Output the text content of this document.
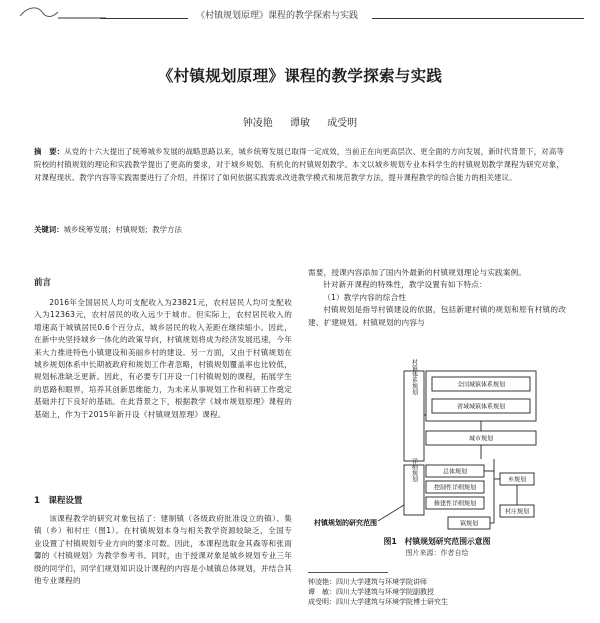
《村镇规划原理》课程的教学探索与实践
《村镇规划原理》课程的教学探索与实践
钟凌艳 谭敏 成受明
摘　要：从党的十六大提出了统筹城乡发展的战略思路以来，城乡统筹发展已取得一定成效，当前正在向更高层次、更全面的方向发展，新时代背景下，对高等院校的村镇规划的理论和实践教学提出了更高的要求，对于城乡规划、有机化的村镇规划教学。本文以城乡规划专业本科学生的村镇规划教学课程为研究对象，对课程现状、教学内容等实践需要进行了介绍，并探讨了如何依据实践需求改进教学模式和规范教学方法，提升课程教学的综合能力的相关建议。
关键词：城乡统筹发展；村镇规划；教学方法
前言

2016年全国居民人均可支配收入为23821元，农村居民人均可支配收入为12363元，农村居民的收入远少于城市。但实际上，农村居民收入的增速高于城镇居民0.6个百分点，城乡居民的收入差距在继续缩小。因此，在新中央坚持城乡一体化的政策导向，村镇规划将成为经济发展迅速，今年来大力推进特色小镇建设和美丽乡村的建设。另一方面，又由于村镇规划在城乡规划体系中长期被政府和规划工作者忽略，村镇规划覆盖率也比较低，规划标准缺乏更新。因此，有必要专门开设一门村镇规划的课程，拓展学生的思路和眼界，培养其创新思维能力，为未来从事规划工作和科研工作奠定基础并打下良好的基础。在此背景之下，根据教学《城市规划原理》课程的基础上，作为于2015年新开设《村镇规划原理》课程。

1　课程设置

该课程教学的研究对象包括了：建制镇（各级政府批准设立的镇）、集镇（乡）和村庄（图1）。在村镇规划本身与相关教学资源较缺乏，全国专业设置了村镇规划专业方向的要求可数。因此，本课程选取金其森等和张雨馨的《村镇规划》为教学参考书。同时，由于授课对象是城乡规划专业三年级的同学们，同学们规划知识设计课程的内容是小城镇总体规划，并结合其他专业课程的

需要，授课内容添加了国内外最新的村镇规划理论与实践案例。

针对新开课程的特殊性，教学设置有如下特点：

（1）教学内容的综合性

村镇规划是指导村镇建设的依据，包括新建村镇的规划和原有村镇的改建、扩建规划。村镇规划的内容与

全国城镇体系规划
省域城镇体系规划
城市规划
总体规划
控制性详细规划
修建性详细规划
镇规划
乡规划
村庄规划
村镇体系规划
详细规划
村镇规划的研究范围
图1　村镇规划研究范围示意图
图片来源：作者自绘
钟凌艳：四川大学建筑与环境学院讲师
谭　敏：四川大学建筑与环境学院副教授
成受明：四川大学建筑与环境学院博士研究生
